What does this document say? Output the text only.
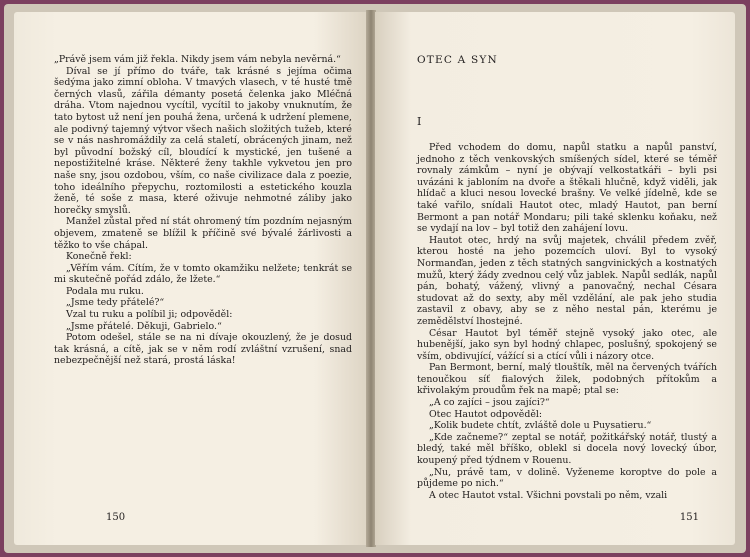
„Právě jsem vám již řekla. Nikdy jsem vám nebyla nevěrná.“

Díval se jí přímo do tváře, tak krásné s jejíma očima šedýma jako zimní obloha. V tmavých vlasech, v té husté tmě černých vlasů, zářila démanty posetá čelenka jako Mléčná dráha. Vtom najednou vycítil, vycítil to jakoby vnuknutím, že tato bytost už není jen pouhá žena, určená k udržení plemene, ale podivný tajemný výtvor všech našich složitých tužeb, které se v nás nashromáždily za celá staletí, obrácených jinam, než byl původní božský cíl, bloudící k mystické, jen tušené a nepostižitelné kráse. Některé ženy takhle vykvetou jen pro naše sny, jsou ozdobou, vším, co naše civilizace dala z poezie, toho ideálního přepychu, roztomilosti a estetického kouzla ženě, té soše z masa, které oživuje nehmotné záliby jako horečky smyslů.

Manžel zůstal před ní stát ohromený tím pozdním nejasným objevem, zmateně se blížil k příčině své bývalé žárlivosti a těžko to vše chápal.

Konečně řekl:

„Věřím vám. Cítím, že v tomto okamžiku nelžete; tenkrát se mi skutečně pořád zdálo, že lžete.“

Podala mu ruku.

„Jsme tedy přátelé?“

Vzal tu ruku a políbil ji; odpověděl:

„Jsme přátelé. Děkuji, Gabrielo.“

Potom odešel, stále se na ni dívaje okouzlený, že je dosud tak krásná, a cítě, jak se v něm rodí zvláštní vzrušení, snad nebezpečnější než stará, prostá láska!

150
OTEC A SYN
I

Před vchodem do domu, napůl statku a napůl panství, jednoho z těch venkovských smíšených sídel, které se téměř rovnaly zámkům – nyní je obývají velkostatkáři – byli psi uvázáni k jabloním na dvoře a štěkali hlučně, když viděli, jak hlídač a kluci nesou lovecké brašny. Ve velké jídelně, kde se také vařilo, snídali Hautot otec, mladý Hautot, pan berní Bermont a pan notář Mondaru; pili také sklenku koňaku, než se vydají na lov – byl totiž den zahájení lovu.

Hautot otec, hrdý na svůj majetek, chválil předem zvěř, kterou hosté na jeho pozemcích uloví. Byl to vysoký Normanďan, jeden z těch statných sangvinických a kostnatých mužů, který žády zvednou celý vůz jablek. Napůl sedlák, napůl pán, bohatý, vážený, vlivný a panovačný, nechal Césara studovat až do sexty, aby měl vzdělání, ale pak jeho studia zastavil z obavy, aby se z něho nestal pán, kterému je zemědělství lhostejné.

César Hautot byl téměř stejně vysoký jako otec, ale hubenější, jako syn byl hodný chlapec, poslušný, spokojený se vším, obdivující, vážící si a ctící vůli i názory otce.

Pan Bermont, berní, malý tlouštík, měl na červených tvářích tenoučkou síť fialových žilek, podobných přítokům a křivolakým proudům řek na mapě; ptal se:

„A co zajíci – jsou zajíci?“

Otec Hautot odpověděl:

„Kolik budete chtít, zvláště dole u Puysatieru.“

„Kde začneme?“ zeptal se notář, požitkářský notář, tlustý a bledý, také měl bříško, oblekl si docela nový lovecký úbor, koupený před týdnem v Rouenu.

„Nu, právě tam, v dolině. Vyženeme koroptve do pole a půjdeme po nich.“

A otec Hautot vstal. Všichni povstali po něm, vzali

151
